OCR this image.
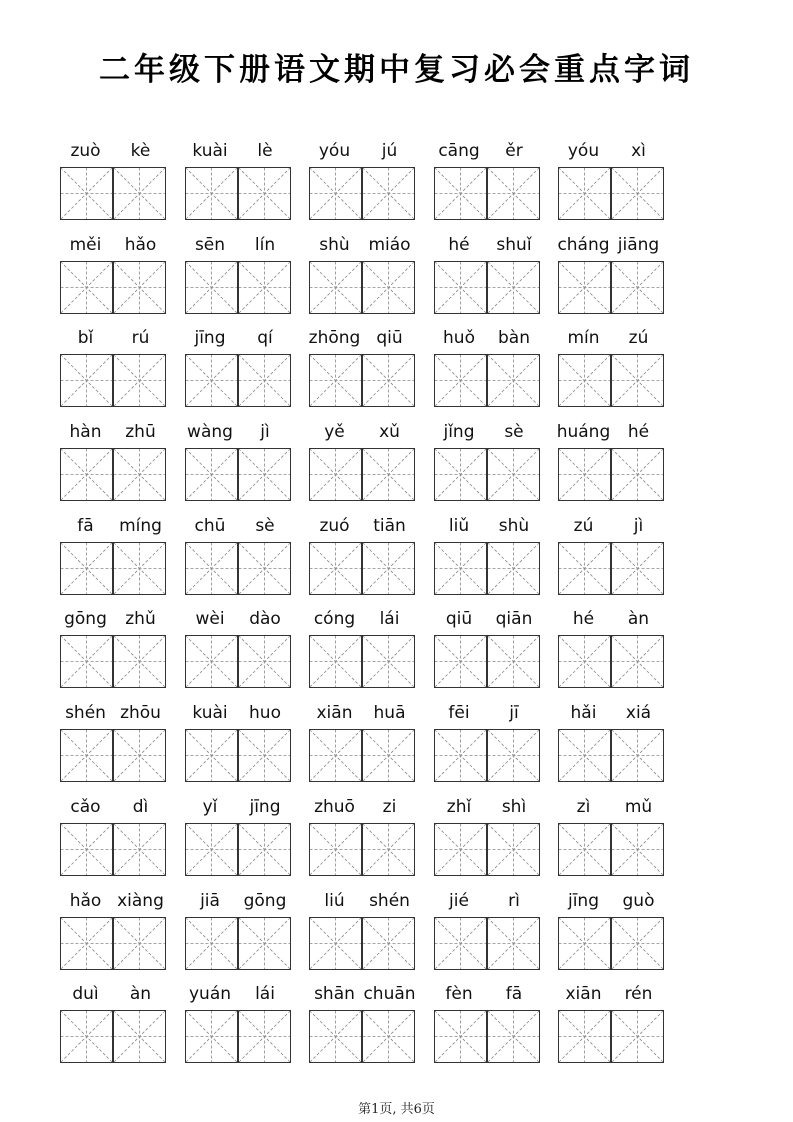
二年级下册语文期中复习必会重点字词
zuò	kè	kuài	lè	yóu	jú	cāng	ěr	yóu	xì
měi	hǎo	sēn	lín	shù	miáo	hé	shuǐ	cháng jiāng
bǐ	rú	jīng	qí	zhōng qiū	huǒ	bàn	mín	zú
hàn	zhū	wàng	jì	yě	xǔ	jǐng	sè	huáng	hé
fā	míng	chū	sè	zuó	tiān	liǔ	shù	zú	jì
gōng	zhǔ	wèi	dào	cóng	lái	qiū	qiān	hé	àn
shén zhōu	kuài	huo	xiān	huā	fēi	jī	hǎi	xiá
cǎo	dì	yǐ	jīng	zhuō	zi	zhǐ	shì	zì	mǔ
hǎo xiàng	jiā	gōng	liú	shén	jié	rì	jīng	guò
duì	àn	yuán	lái	shān chuān	fèn	fā	xiān	rén
第1页, 共6页
